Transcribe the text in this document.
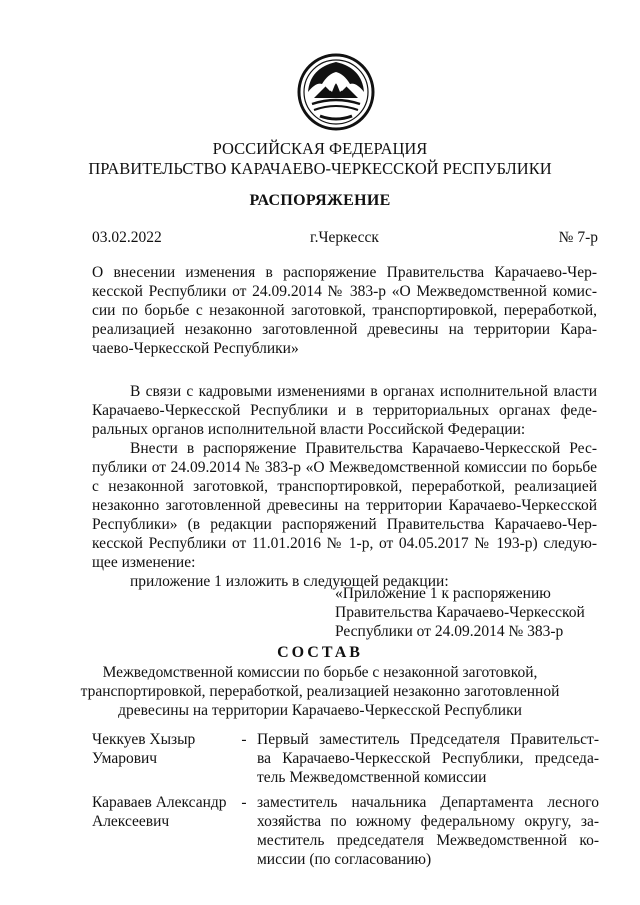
РОССИЙСКАЯ ФЕДЕРАЦИЯ
ПРАВИТЕЛЬСТВО КАРАЧАЕВО-ЧЕРКЕССКОЙ РЕСПУБЛИКИ
РАСПОРЯЖЕНИЕ
03.02.2022	г.Черкесск	№ 7-р
О внесении изменения в распоряжение Правительства Карачаево-Чер-
кесской Республики от 24.09.2014 № 383-р «О Межведомственной комис-
сии по борьбе с незаконной заготовкой, транспортировкой, переработкой,
реализацией незаконно заготовленной древесины на территории Кара-
чаево-Черкесской Республики»
В связи с кадровыми изменениями в органах исполнительной власти
Карачаево-Черкесской Республики и в территориальных органах феде-
ральных органов исполнительной власти Российской Федерации:
Внести в распоряжение Правительства Карачаево-Черкесской Рес-
публики от 24.09.2014 № 383-р «О Межведомственной комиссии по борьбе
с незаконной заготовкой, транспортировкой, переработкой, реализацией
незаконно заготовленной древесины на территории Карачаево-Черкесской
Республики» (в редакции распоряжений Правительства Карачаево-Чер-
кесской Республики от 11.01.2016 № 1-р, от 04.05.2017 № 193-р) следую-
щее изменение:
приложение 1 изложить в следующей редакции:
«Приложение 1 к распоряжению
Правительства Карачаево-Черкесской
Республики от 24.09.2014 № 383-р
СОСТАВ
Межведомственной комиссии по борьбе с незаконной заготовкой,
транспортировкой, переработкой, реализацией незаконно заготовленной
древесины на территории Карачаево-Черкесской Республики
Чеккуев Хызыр
Умарович
- Первый заместитель Председателя Правительст-
ва Карачаево-Черкесской Республики, председа-
тель Межведомственной комиссии
Караваев Александр
Алексеевич
- заместитель начальника Департамента лесного
хозяйства по южному федеральному округу, за-
меститель председателя Межведомственной ко-
миссии (по согласованию)
